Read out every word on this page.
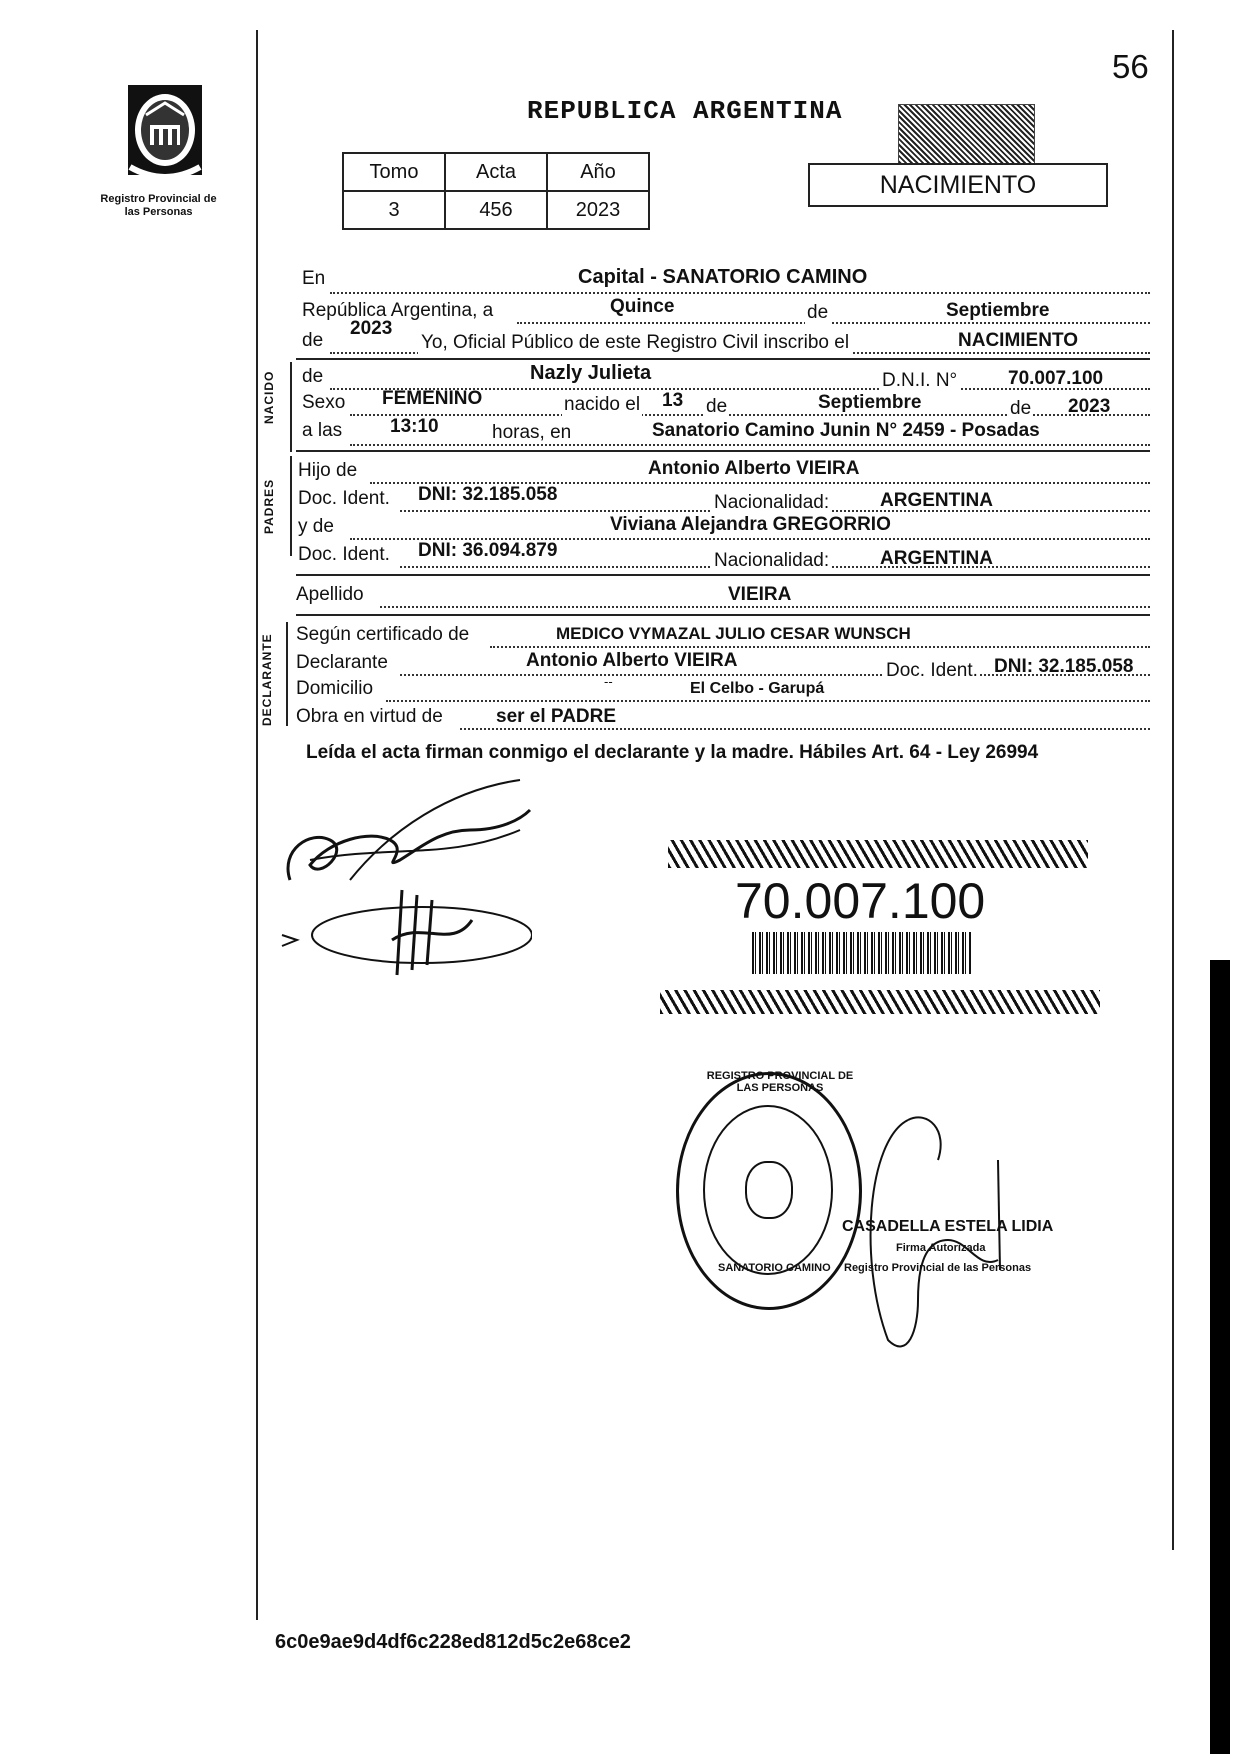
Registro Provincial de las Personas
56
REPUBLICA ARGENTINA
NACIMIENTO
Tomo	Acta	Año
3	456	2023
En	Capital - SANATORIO CAMINO
República Argentina, a	Quince	de	Septiembre
de
2023
Yo, Oficial Público de este Registro Civil inscribo el	NACIMIENTO
NACIDO de	Nazly Julieta	D.N.I. N°	70.007.100
Sexo FEMENINO	nacido el 13 de	Septiembre	de 2023
a las	13:10	horas, en	Sanatorio Camino Junin N° 2459 - Posadas
PADRES
Hijo de	Antonio Alberto VIEIRA
Doc. Ident. DNI: 32.185.058	Nacionalidad:	ARGENTINA
y de	Viviana Alejandra GREGORRIO
Doc. Ident. DNI: 36.094.879	Nacionalidad:	ARGENTINA
Apellido	VIEIRA
DECLARANTE Según certificado de	MEDICO VYMAZAL JULIO CESAR WUNSCH
Declarante	Antonio Alberto VIEIRA	Doc. Ident. DNI: 32.185.058
Domicilio	--	El Celbo - Garupá
Obra en virtud de	ser el PADRE
Leída el acta firman conmigo el declarante y la madre. Hábiles Art. 64 - Ley 26994
70.007.100
REGISTRO PROVINCIAL DE LAS PERSONAS
SANATORIO CAMINO
CASADELLA ESTELA LIDIA
Firma Autorizada
Registro Provincial de las Personas
6c0e9ae9d4df6c228ed812d5c2e68ce2
